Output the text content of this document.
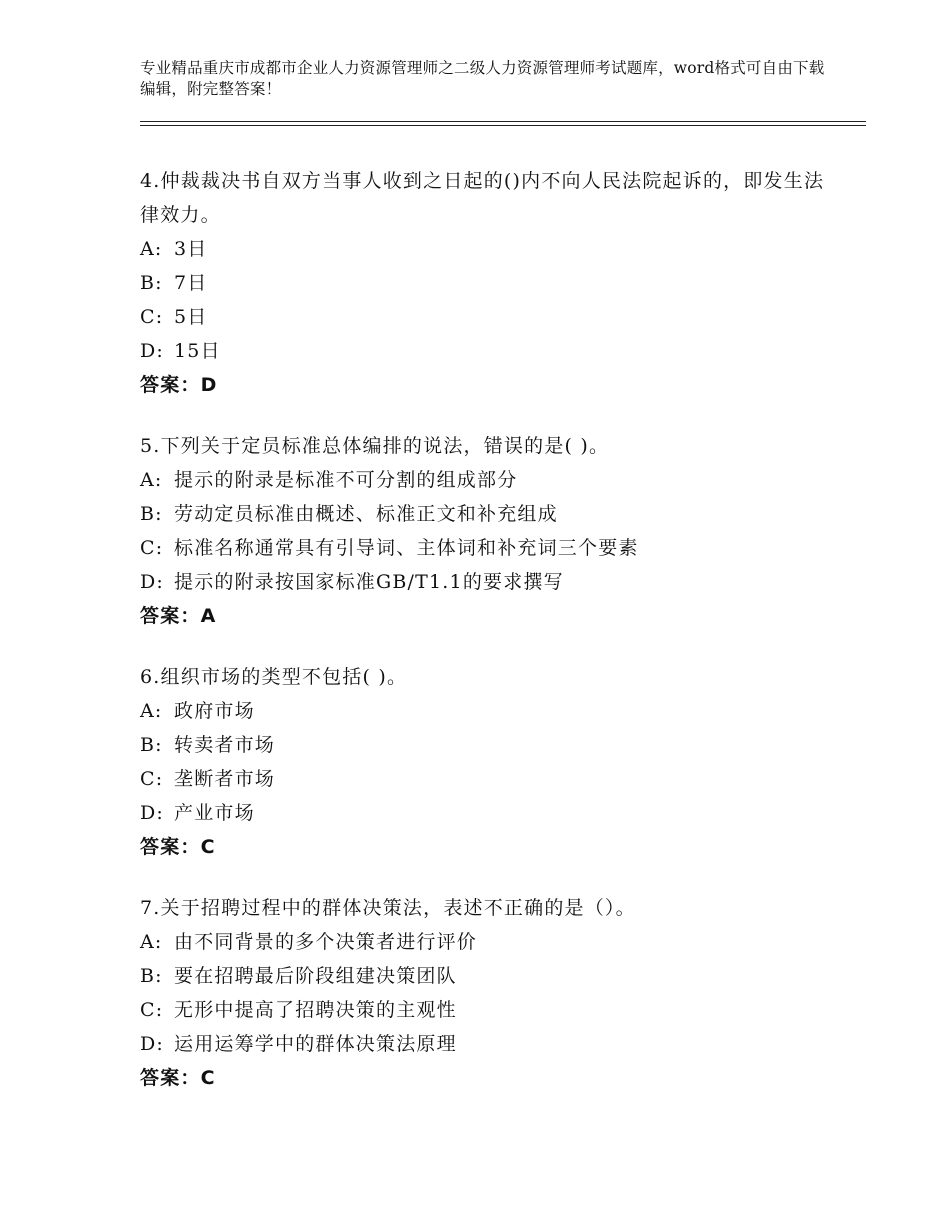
专业精品重庆市成都市企业人力资源管理师之二级人力资源管理师考试题库，word格式可自由下载编辑，附完整答案！
4.仲裁裁决书自双方当事人收到之日起的()内不向人民法院起诉的，即发生法律效力。
A: 3日
B: 7日
C: 5日
D: 15日
答案：D
5.下列关于定员标准总体编排的说法，错误的是( )。
A: 提示的附录是标准不可分割的组成部分
B: 劳动定员标准由概述、标准正文和补充组成
C: 标准名称通常具有引导词、主体词和补充词三个要素
D: 提示的附录按国家标准GB/T1.1的要求撰写
答案：A
6.组织市场的类型不包括( )。
A: 政府市场
B: 转卖者市场
C: 垄断者市场
D: 产业市场
答案：C
7.关于招聘过程中的群体决策法，表述不正确的是（）。
A: 由不同背景的多个决策者进行评价
B: 要在招聘最后阶段组建决策团队
C: 无形中提高了招聘决策的主观性
D: 运用运筹学中的群体决策法原理
答案：C
